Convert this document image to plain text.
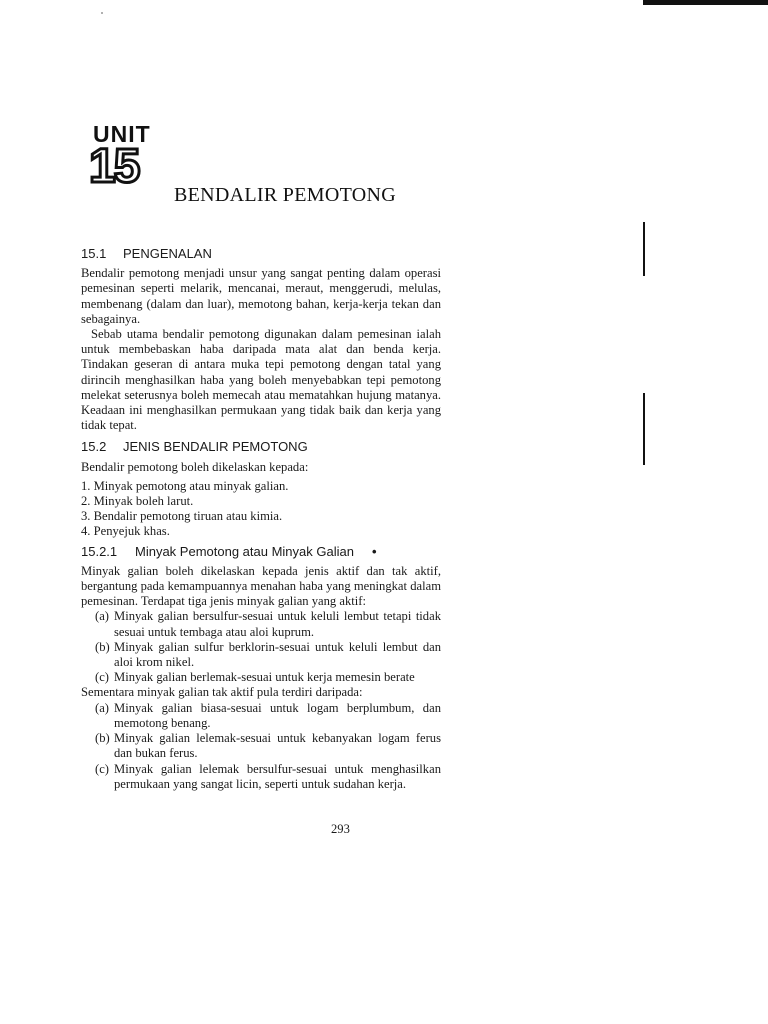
UNIT
15
BENDALIR PEMOTONG
15.1 PENGENALAN

Bendalir pemotong menjadi unsur yang sangat penting dalam operasi pemesinan seperti melarik, mencanai, meraut, menggerudi, melulas, membenang (dalam dan luar), memotong bahan, kerja-kerja tekan dan sebagainya.

Sebab utama bendalir pemotong digunakan dalam pemesinan ialah untuk membebaskan haba daripada mata alat dan benda kerja. Tindakan geseran di antara muka tepi pemotong dengan tatal yang dirincih menghasilkan haba yang boleh menyebabkan tepi pemotong melekat seterusnya boleh memecah atau mematahkan hujung matanya. Keadaan ini menghasilkan permukaan yang tidak baik dan kerja yang tidak tepat.

15.2 JENIS BENDALIR PEMOTONG

Bendalir pemotong boleh dikelaskan kepada:

1. Minyak pemotong atau minyak galian.
2. Minyak boleh larut.
3. Bendalir pemotong tiruan atau kimia.
4. Penyejuk khas.
15.2.1 Minyak Pemotong atau Minyak Galian •

Minyak galian boleh dikelaskan kepada jenis aktif dan tak aktif, bergantung pada kemampuannya menahan haba yang meningkat dalam pemesinan. Terdapat tiga jenis minyak galian yang aktif:

(a) Minyak galian bersulfur-sesuai untuk keluli lembut tetapi tidak sesuai untuk tembaga atau aloi kuprum.
(b) Minyak galian sulfur berklorin-sesuai untuk keluli lembut dan aloi krom nikel.
(c) Minyak galian berlemak-sesuai untuk kerja memesin berate

Sementara minyak galian tak aktif pula terdiri daripada:

(a) Minyak galian biasa-sesuai untuk logam berplumbum, dan memotong benang.
(b) Minyak galian lelemak-sesuai untuk kebanyakan logam ferus dan bukan ferus.
(c) Minyak galian lelemak bersulfur-sesuai untuk menghasilkan permukaan yang sangat licin, seperti untuk sudahan kerja.
293
